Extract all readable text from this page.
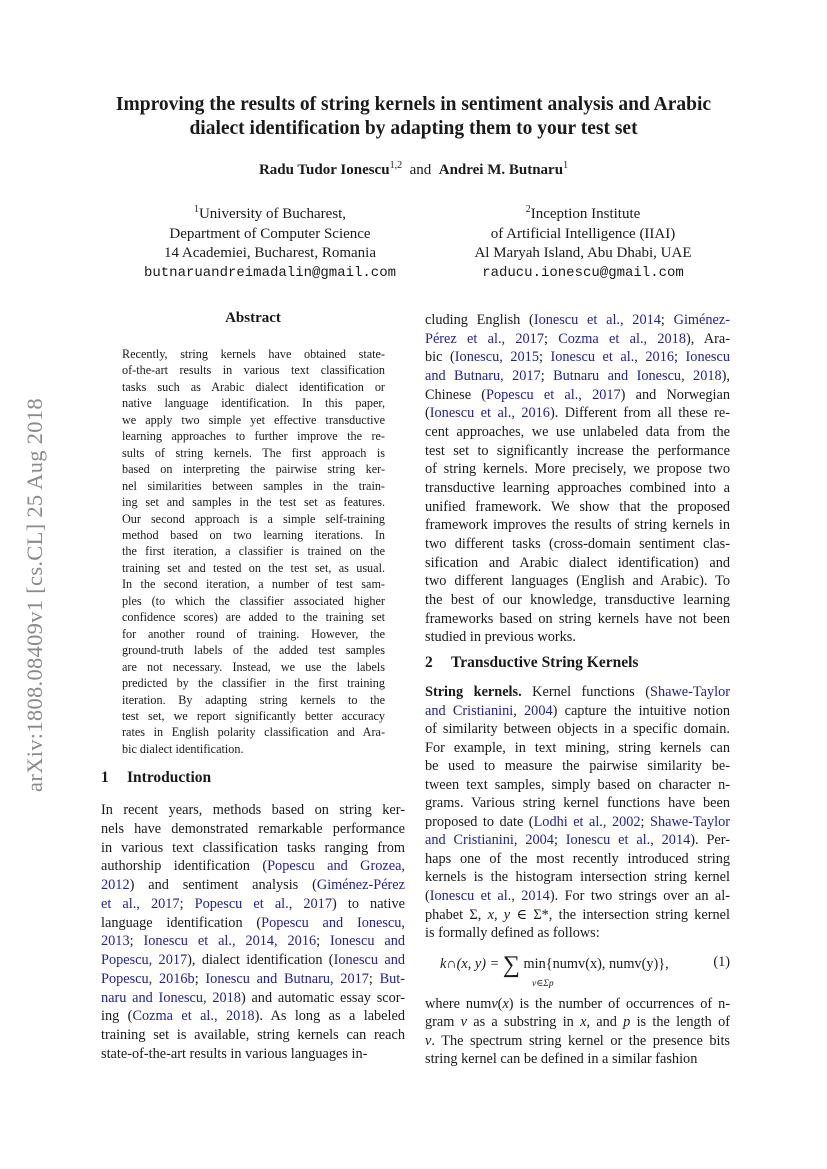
arXiv:1808.08409v1 [cs.CL] 25 Aug 2018
Improving the results of string kernels in sentiment analysis and Arabic
dialect identification by adapting them to your test set
Radu Tudor Ionescu$^{1,2}$ and Andrei M. Butnaru$^1$
$^1$University of Bucharest,
Department of Computer Science
14 Academiei, Bucharest, Romania
butnaruandreimadalin@gmail.com
$^2$Inception Institute
of Artificial Intelligence (IIAI)
Al Maryah Island, Abu Dhabi, UAE
raducu.ionescu@gmail.com
Abstract
Recently, string kernels have obtained state-
of-the-art results in various text classification
tasks such as Arabic dialect identification or
native language identification. In this paper,
we apply two simple yet effective transductive
learning approaches to further improve the re-
sults of string kernels. The first approach is
based on interpreting the pairwise string ker-
nel similarities between samples in the train-
ing set and samples in the test set as features.
Our second approach is a simple self-training
method based on two learning iterations. In
the first iteration, a classifier is trained on the
training set and tested on the test set, as usual.
In the second iteration, a number of test sam-
ples (to which the classifier associated higher
confidence scores) are added to the training set
for another round of training. However, the
ground-truth labels of the added test samples
are not necessary. Instead, we use the labels
predicted by the classifier in the first training
iteration. By adapting string kernels to the
test set, we report significantly better accuracy
rates in English polarity classification and Ara-
bic dialect identification.
1 Introduction
In recent years, methods based on string ker-
nels have demonstrated remarkable performance
in various text classification tasks ranging from
authorship identification (Popescu and Grozea,
2012) and sentiment analysis (Giménez-Pérez
et al., 2017; Popescu et al., 2017) to native
language identification (Popescu and Ionescu,
2013; Ionescu et al., 2014, 2016; Ionescu and
Popescu, 2017), dialect identification (Ionescu and
Popescu, 2016b; Ionescu and Butnaru, 2017; But-
naru and Ionescu, 2018) and automatic essay scor-
ing (Cozma et al., 2018). As long as a labeled
training set is available, string kernels can reach
state-of-the-art results in various languages in-
cluding English (Ionescu et al., 2014; Giménez-
Pérez et al., 2017; Cozma et al., 2018), Ara-
bic (Ionescu, 2015; Ionescu et al., 2016; Ionescu
and Butnaru, 2017; Butnaru and Ionescu, 2018),
Chinese (Popescu et al., 2017) and Norwegian
(Ionescu et al., 2016). Different from all these re-
cent approaches, we use unlabeled data from the
test set to significantly increase the performance
of string kernels. More precisely, we propose two
transductive learning approaches combined into a
unified framework. We show that the proposed
framework improves the results of string kernels in
two different tasks (cross-domain sentiment clas-
sification and Arabic dialect identification) and
two different languages (English and Arabic). To
the best of our knowledge, transductive learning
frameworks based on string kernels have not been
studied in previous works.
2 Transductive String Kernels
String kernels. Kernel functions (Shawe-Taylor
and Cristianini, 2004) capture the intuitive notion
of similarity between objects in a specific domain.
For example, in text mining, string kernels can
be used to measure the pairwise similarity be-
tween text samples, simply based on character n-
grams. Various string kernel functions have been
proposed to date (Lodhi et al., 2002; Shawe-Taylor
and Cristianini, 2004; Ionescu et al., 2014). Per-
haps one of the most recently introduced string
kernels is the histogram intersection string kernel
(Ionescu et al., 2014). For two strings over an al-
phabet Σ, x, y ∈ Σ*, the intersection string kernel
is formally defined as follows:
k∩(x, y) = ∑
v∈Σp
min{numv(x), numv(y)},	(1)
where numv(x) is the number of occurrences of n-
gram v as a substring in x, and p is the length of
v. The spectrum string kernel or the presence bits
string kernel can be defined in a similar fashion
